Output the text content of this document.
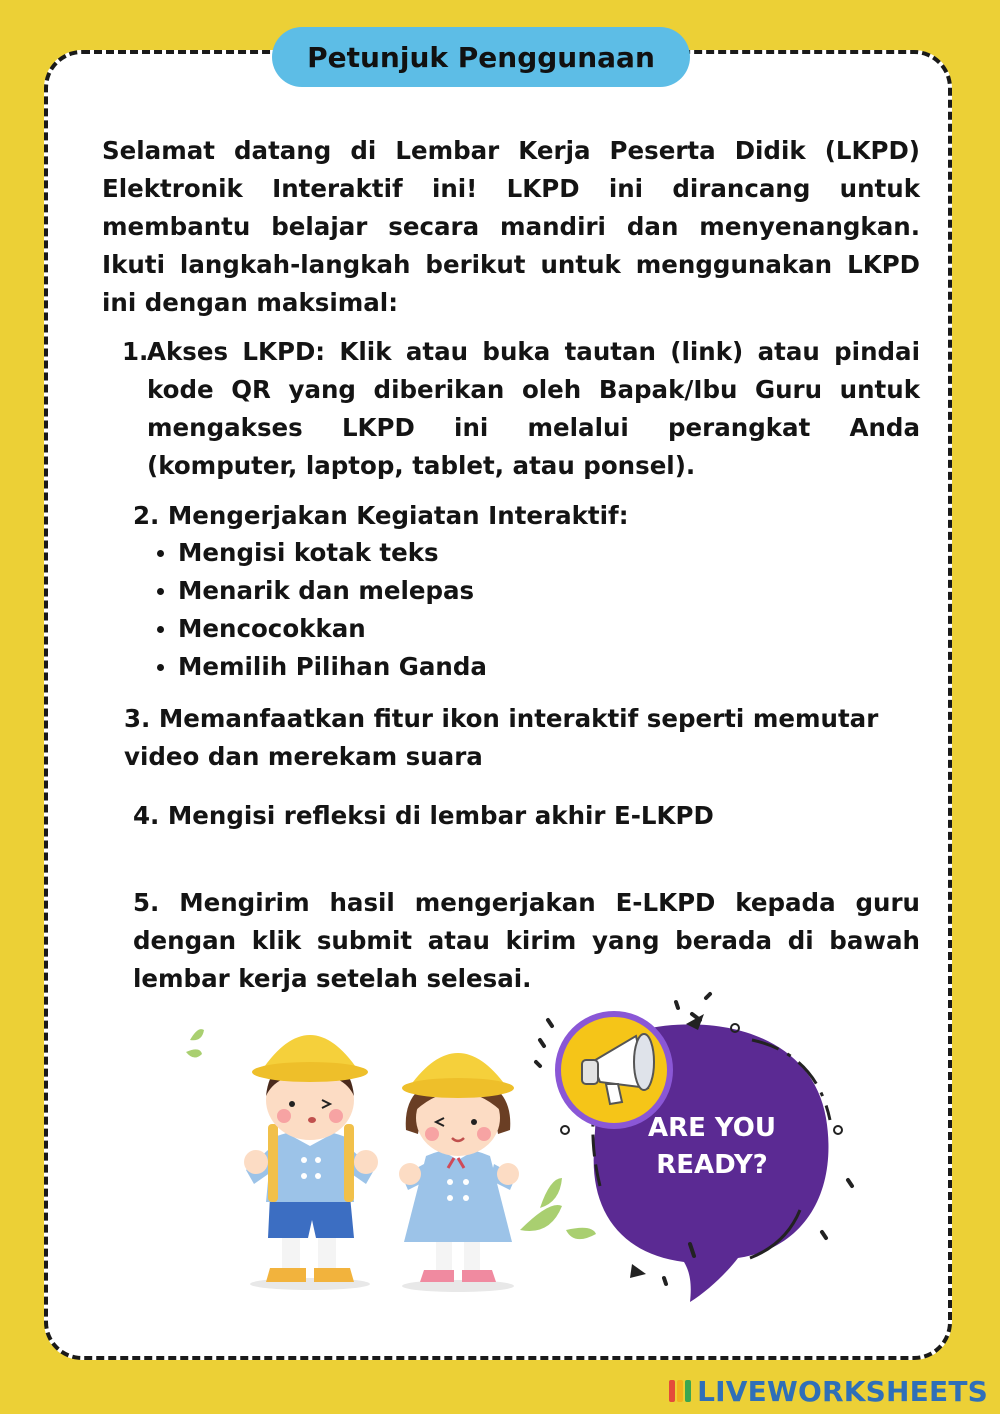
Petunjuk Penggunaan
Selamat datang di Lembar Kerja Peserta Didik (LKPD) Elektronik Interaktif ini! LKPD ini dirancang untuk membantu belajar secara mandiri dan menyenangkan. Ikuti langkah-langkah berikut untuk menggunakan LKPD ini dengan maksimal:
1.
Akses LKPD: Klik atau buka tautan (link) atau pindai kode QR yang diberikan oleh Bapak/Ibu Guru untuk mengakses LKPD ini melalui perangkat Anda (komputer, laptop, tablet, atau ponsel).
2. Mengerjakan Kegiatan Interaktif:
Mengisi kotak teks
Menarik dan melepas
Mencocokkan
Memilih Pilihan Ganda
3. Memanfaatkan fitur ikon interaktif seperti memutar video dan merekam suara
4. Mengisi refleksi di lembar akhir E-LKPD
5. Mengirim hasil mengerjakan E-LKPD kepada guru dengan klik submit atau kirim yang berada di bawah lembar kerja setelah selesai.
ARE YOU
READY?
LIVEWORKSHEETS
